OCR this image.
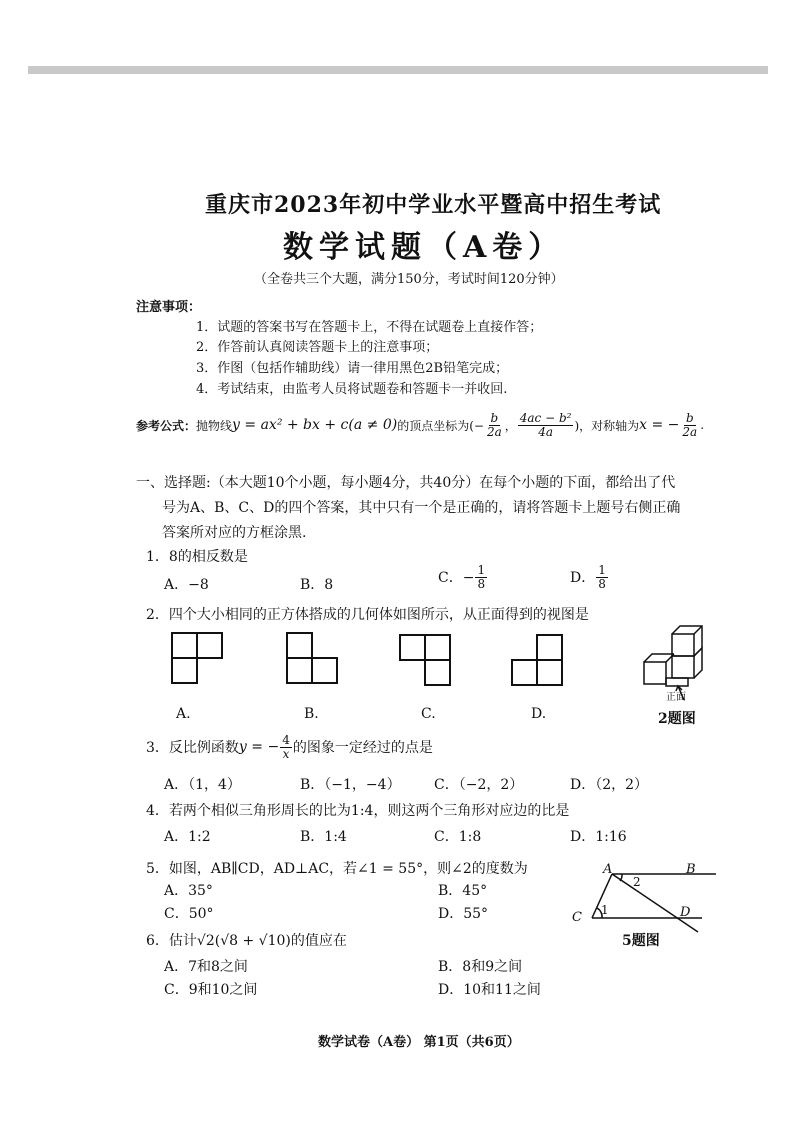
重庆市2023年初中学业水平暨高中招生考试
数学试题（A卷）
（全卷共三个大题，满分150分，考试时间120分钟）
注意事项：
1．试题的答案书写在答题卡上，不得在试题卷上直接作答；
2．作答前认真阅读答题卡上的注意事项；
3．作图（包括作辅助线）请一律用黑色2B铅笔完成；
4．考试结束，由监考人员将试题卷和答题卡一并收回.
参考公式： 抛物线 y = ax² + bx + c(a ≠ 0) 的顶点坐标为(− $\frac{b}{2a}$ ， $\frac{\text{4ac − b²}}{4a}$ )，对称轴为 x = − $\frac{b}{2a}$ .
一、选择题:（本大题10个小题，每小题4分，共40分）在每个小题的下面，都给出了代
号为A、B、C、D的四个答案，其中只有一个是正确的，请将答题卡上题号右侧正确
答案所对应的方框涂黑.
1．8的相反数是
A．−8	B．8	C．− $\frac{1}{8}$	D． $\frac{1}{8}$
2．四个大小相同的正方体搭成的几何体如图所示，从正面得到的视图是
正面
A.	B.	C.	D.	2题图
3．反比例函数 y = − $\frac{4}{x}$ 的图象一定经过的点是
A．（1，4）	B．（−1，−4） C．（−2，2）	D．（2，2）
4．若两个相似三角形周长的比为1:4，则这两个三角形对应边的比是
A．1:2	B．1:4	C．1:8	D．1:16
5．如图，AB∥CD，AD⊥AC，若∠1 = 55°，则∠2的度数为
A．35°	B．45°
C．50°	D．55°
A	B
C	D
1
2
5题图
6．估计√2(√8 + √10)的值应在
A．7和8之间	B．8和9之间
C．9和10之间	D．10和11之间
数学试卷（A卷） 第1页（共6页）
